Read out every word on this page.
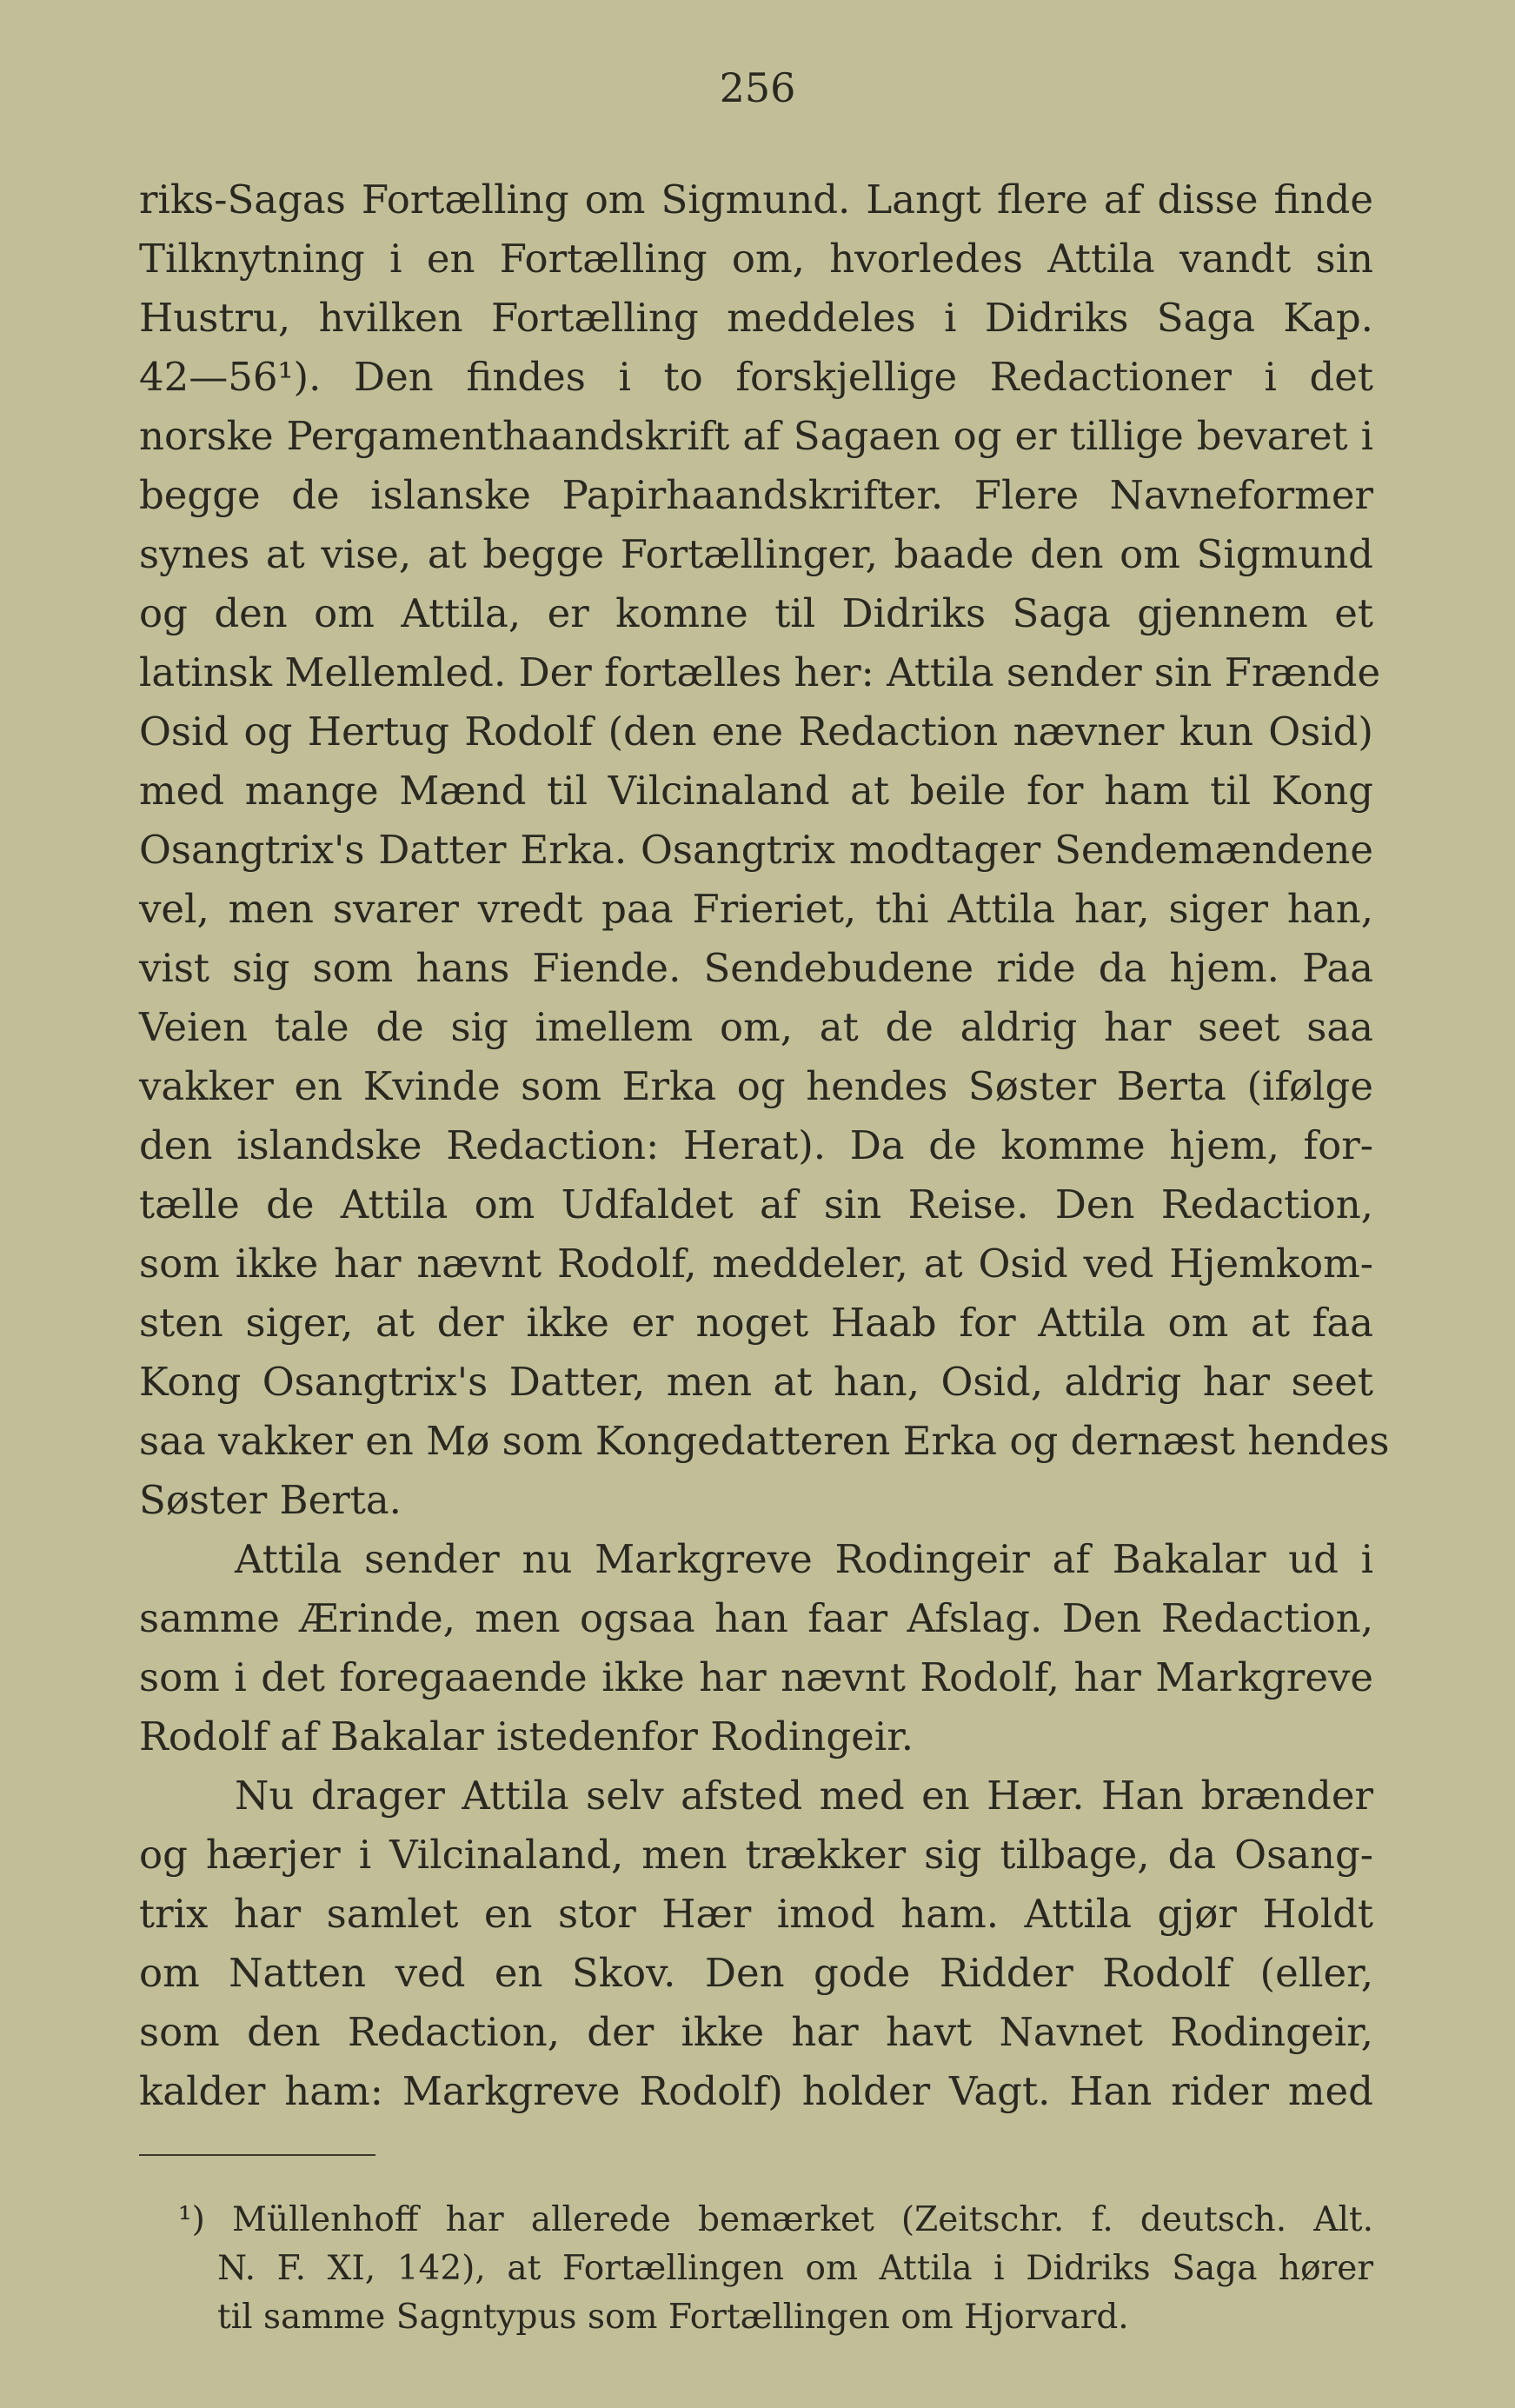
256
riks-Sagas Fortælling om Sigmund. Langt flere af disse finde
Tilknytning i en Fortælling om, hvorledes Attila vandt sin
Hustru, hvilken Fortælling meddeles i Didriks Saga Kap.
42—56¹). Den findes i to forskjellige Redactioner i det
norske Pergamenthaandskrift af Sagaen og er tillige bevaret i
begge de islanske Papirhaandskrifter. Flere Navneformer
synes at vise, at begge Fortællinger, baade den om Sigmund
og den om Attila, er komne til Didriks Saga gjennem et
latinsk Mellemled. Der fortælles her: Attila sender sin Frænde
Osid og Hertug Rodolf (den ene Redaction nævner kun Osid)
med mange Mænd til Vilcinaland at beile for ham til Kong
Osangtrix's Datter Erka. Osangtrix modtager Sendemændene
vel, men svarer vredt paa Frieriet, thi Attila har, siger han,
vist sig som hans Fiende. Sendebudene ride da hjem. Paa
Veien tale de sig imellem om, at de aldrig har seet saa
vakker en Kvinde som Erka og hendes Søster Berta (ifølge
den islandske Redaction: Herat). Da de komme hjem, for-
tælle de Attila om Udfaldet af sin Reise. Den Redaction,
som ikke har nævnt Rodolf, meddeler, at Osid ved Hjemkom-
sten siger, at der ikke er noget Haab for Attila om at faa
Kong Osangtrix's Datter, men at han, Osid, aldrig har seet
saa vakker en Mø som Kongedatteren Erka og dernæst hendes
Søster Berta.
Attila sender nu Markgreve Rodingeir af Bakalar ud i
samme Ærinde, men ogsaa han faar Afslag. Den Redaction,
som i det foregaaende ikke har nævnt Rodolf, har Markgreve
Rodolf af Bakalar istedenfor Rodingeir.
Nu drager Attila selv afsted med en Hær. Han brænder
og hærjer i Vilcinaland, men trækker sig tilbage, da Osang-
trix har samlet en stor Hær imod ham. Attila gjør Holdt
om Natten ved en Skov. Den gode Ridder Rodolf (eller,
som den Redaction, der ikke har havt Navnet Rodingeir,
kalder ham: Markgreve Rodolf) holder Vagt. Han rider med
¹) Müllenhoff har allerede bemærket (Zeitschr. f. deutsch. Alt.
N. F. XI, 142), at Fortællingen om Attila i Didriks Saga hører
til samme Sagntypus som Fortællingen om Hjorvard.
